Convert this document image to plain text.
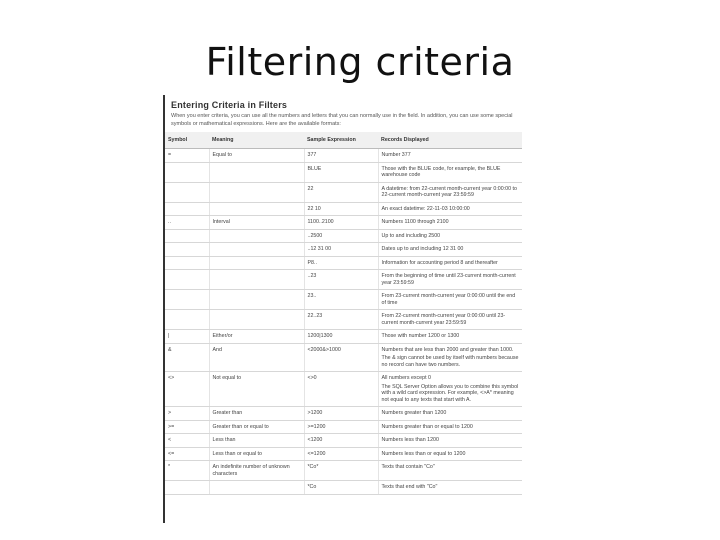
Filtering criteria
Entering Criteria in Filters
When you enter criteria, you can use all the numbers and letters that you can normally use in the field. In addition, you can use some special symbols or mathematical expressions. Here are the available formats:
Symbol	Meaning	Sample Expression	Records Displayed
=	Equal to	377	Number 377

		BLUE	Those with the BLUE code, for example, the BLUE warehouse code

		22	A datetime: from 22-current month-current year 0:00:00 to 22-current month-current year 23:59:59

		22 10	An exact datetime: 22-11-03 10:00:00

..	Interval	1100..2100	Numbers 1100 through 2100

		..2500	Up to and including 2500

		..12 31 00	Dates up to and including 12 31 00

		P8..	Information for accounting period 8 and thereafter

		..23	From the beginning of time until 23-current month-current year 23:59:59

		23..	From 23-current month-current year 0:00:00 until the end of time

		22..23	From 22-current month-current year 0:00:00 until 23-current month-current year 23:59:59

|	Either/or	1200|1300	Those with number 1200 or 1300

&	And	<2000&>1000	Numbers that are less than 2000 and greater than 1000.
The & sign cannot be used by itself with numbers because no record can have two numbers.

<>	Not equal to	<>0	All numbers except 0
The SQL Server Option allows you to combine this symbol with a wild card expression. For example, <>A* meaning not equal to any texts that start with A.

>	Greater than	>1200	Numbers greater than 1200

>=	Greater than or equal to	>=1200	Numbers greater than or equal to 1200

<	Less than	<1200	Numbers less than 1200

<=	Less than or equal to	<=1200	Numbers less than or equal to 1200

*	An indefinite number of unknown characters	*Co*	Texts that contain "Co"

		*Co	Texts that end with "Co"
